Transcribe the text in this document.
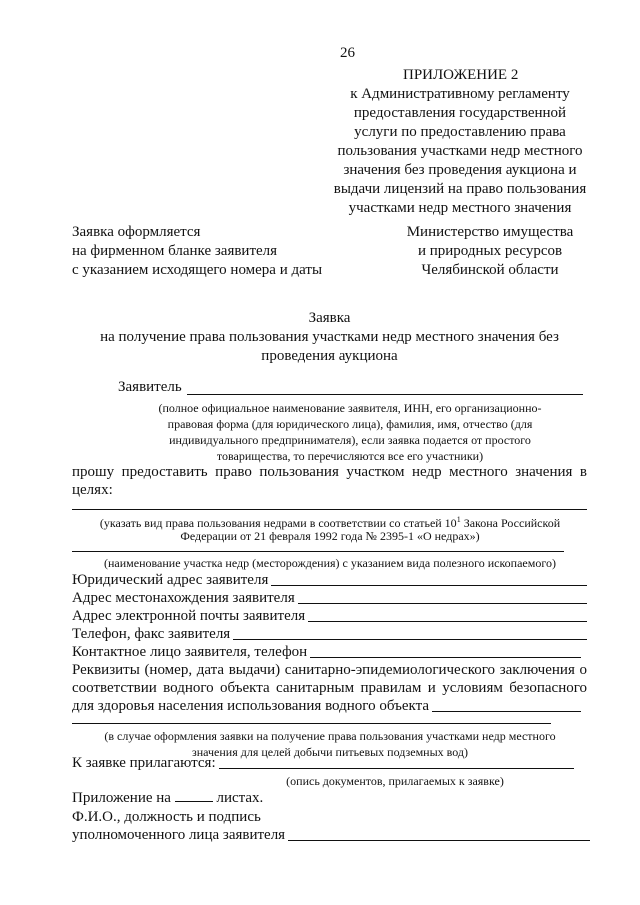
26
ПРИЛОЖЕНИЕ 2
к Административному регламенту
предоставления государственной
услуги по предоставлению права
пользования участками недр местного
значения без проведения аукциона и
выдачи лицензий на право пользования
участками недр местного значения
Заявка оформляется
на фирменном бланке заявителя
с указанием исходящего номера и даты
Министерство имущества
и природных ресурсов
Челябинской области
Заявка
на получение права пользования участками недр местного значения без
проведения аукциона
Заявитель
(полное официальное наименование заявителя, ИНН, его организационно-
правовая форма (для юридического лица), фамилия, имя, отчество (для
индивидуального предпринимателя), если заявка подается от простого
товарищества, то перечисляются все его участники)
прошу предоставить право пользования участком недр местного значения в
целях:
(указать вид права пользования недрами в соответствии со статьей $10^1$ Закона Российской
Федерации от 21 февраля 1992 года № 2395-1 «О недрах»)
(наименование участка недр (месторождения) с указанием вида полезного ископаемого)
Юридический адрес заявителя
Адрес местонахождения заявителя
Адрес электронной почты заявителя
Телефон, факс заявителя
Контактное лицо заявителя, телефон
Реквизиты (номер, дата выдачи) санитарно-эпидемиологического заключения о
соответствии водного объекта санитарным правилам и условиям безопасного
для здоровья населения использования водного объекта
(в случае оформления заявки на получение права пользования участками недр местного
значения для целей добычи питьевых подземных вод)
К заявке прилагаются:
(опись документов, прилагаемых к заявке)
Приложение на	листах.
Ф.И.О., должность и подпись
уполномоченного лица заявителя
